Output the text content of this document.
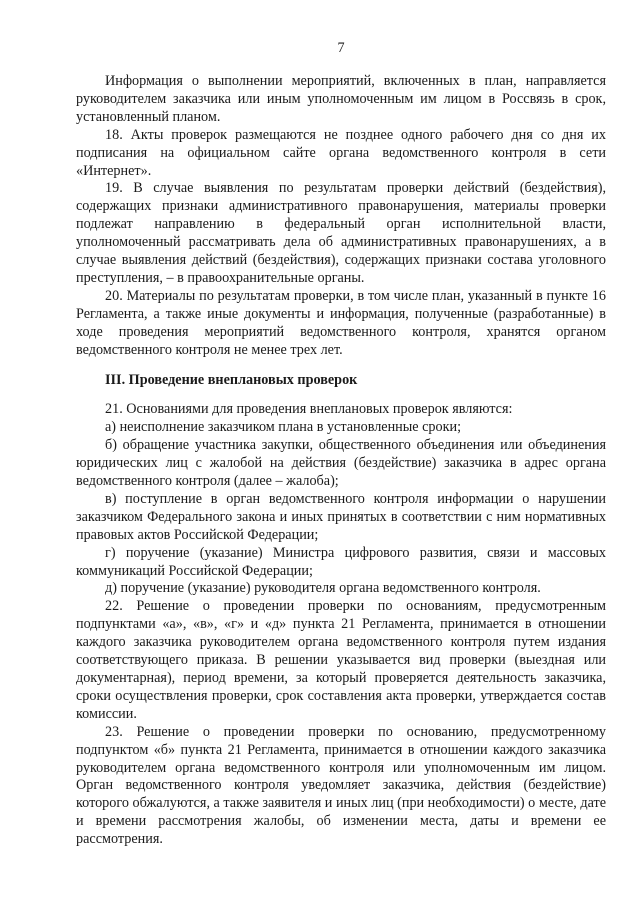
7

Информация о выполнении мероприятий, включенных в план, направляется руководителем заказчика или иным уполномоченным им лицом в Россвязь в срок, установленный планом.

18. Акты проверок размещаются не позднее одного рабочего дня со дня их подписания на официальном сайте органа ведомственного контроля в сети «Интернет».

19. В случае выявления по результатам проверки действий (бездействия), содержащих признаки административного правонарушения, материалы проверки подлежат направлению в федеральный орган исполнительной власти, уполномоченный рассматривать дела об административных правонарушениях, а в случае выявления действий (бездействия), содержащих признаки состава уголовного преступления, – в правоохранительные органы.

20. Материалы по результатам проверки, в том числе план, указанный в пункте 16 Регламента, а также иные документы и информация, полученные (разработанные) в ходе проведения мероприятий ведомственного контроля, хранятся органом ведомственного контроля не менее трех лет.

III. Проведение внеплановых проверок

21. Основаниями для проведения внеплановых проверок являются:

а) неисполнение заказчиком плана в установленные сроки;

б) обращение участника закупки, общественного объединения или объединения юридических лиц с жалобой на действия (бездействие) заказчика в адрес органа ведомственного контроля (далее – жалоба);

в) поступление в орган ведомственного контроля информации о нарушении заказчиком Федерального закона и иных принятых в соответствии с ним нормативных правовых актов Российской Федерации;

г) поручение (указание) Министра цифрового развития, связи и массовых коммуникаций Российской Федерации;

д) поручение (указание) руководителя органа ведомственного контроля.

22. Решение о проведении проверки по основаниям, предусмотренным подпунктами «а», «в», «г» и «д» пункта 21 Регламента, принимается в отношении каждого заказчика руководителем органа ведомственного контроля путем издания соответствующего приказа. В решении указывается вид проверки (выездная или документарная), период времени, за который проверяется деятельность заказчика, сроки осуществления проверки, срок составления акта проверки, утверждается состав комиссии.

23. Решение о проведении проверки по основанию, предусмотренному подпунктом «б» пункта 21 Регламента, принимается в отношении каждого заказчика руководителем органа ведомственного контроля или уполномоченным им лицом. Орган ведомственного контроля уведомляет заказчика, действия (бездействие) которого обжалуются, а также заявителя и иных лиц (при необходимости) о месте, дате и времени рассмотрения жалобы, об изменении места, даты и времени ее рассмотрения.
